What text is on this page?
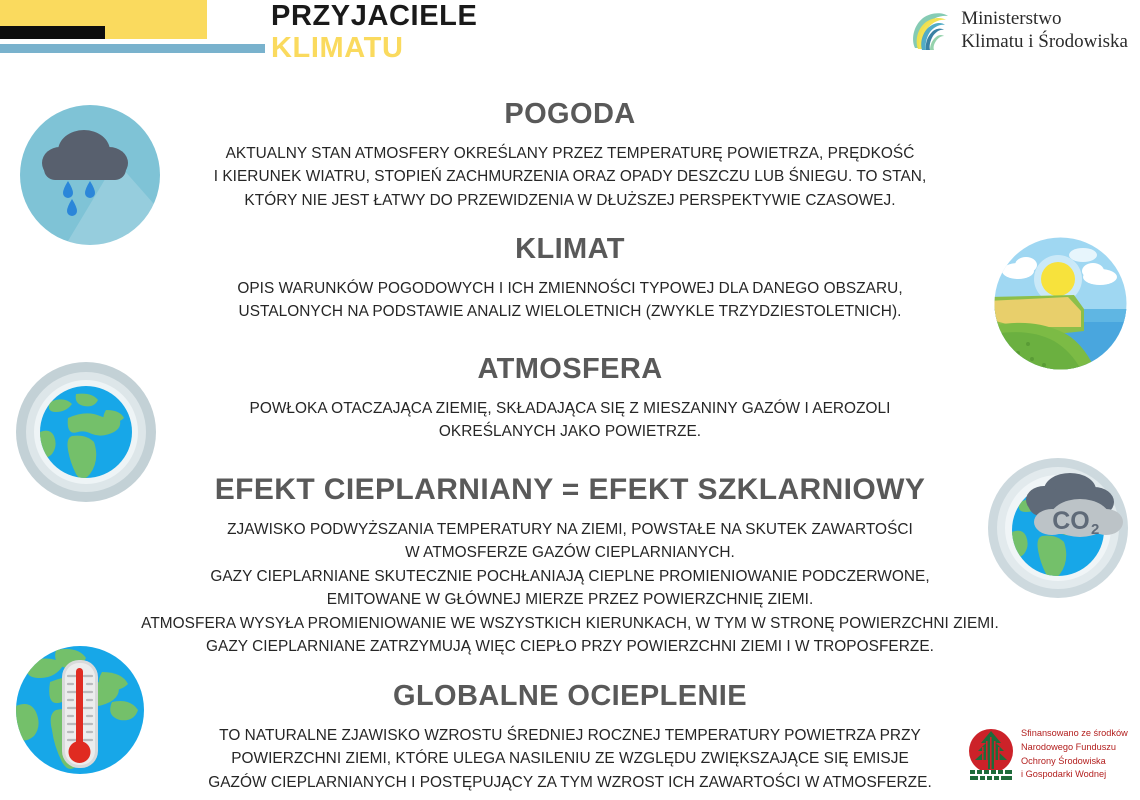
PRZYJACIELE
KLIMATU
Ministerstwo
Klimatu i Środowiska
CO 2
POGODA
AKTUALNY STAN ATMOSFERY OKREŚLANY PRZEZ TEMPERATURĘ POWIETRZA, PRĘDKOŚĆ
I KIERUNEK WIATRU, STOPIEŃ ZACHMURZENIA ORAZ OPADY DESZCZU LUB ŚNIEGU. TO STAN,
KTÓRY NIE JEST ŁATWY DO PRZEWIDZENIA W DŁUŻSZEJ PERSPEKTYWIE CZASOWEJ.
KLIMAT
OPIS WARUNKÓW POGODOWYCH I ICH ZMIENNOŚCI TYPOWEJ DLA DANEGO OBSZARU,
USTALONYCH NA PODSTAWIE ANALIZ WIELOLETNICH (ZWYKLE TRZYDZIESTOLETNICH).
ATMOSFERA
POWŁOKA OTACZAJĄCA ZIEMIĘ, SKŁADAJĄCA SIĘ Z MIESZANINY GAZÓW I AEROZOLI
OKREŚLANYCH JAKO POWIETRZE.
EFEKT CIEPLARNIANY = EFEKT SZKLARNIOWY
ZJAWISKO PODWYŻSZANIA TEMPERATURY NA ZIEMI, POWSTAŁE NA SKUTEK ZAWARTOŚCI
W ATMOSFERZE GAZÓW CIEPLARNIANYCH.
GAZY CIEPLARNIANE SKUTECZNIE POCHŁANIAJĄ CIEPLNE PROMIENIOWANIE PODCZERWONE,
EMITOWANE W GŁÓWNEJ MIERZE PRZEZ POWIERZCHNIĘ ZIEMI.
ATMOSFERA WYSYŁA PROMIENIOWANIE WE WSZYSTKICH KIERUNKACH, W TYM W STRONĘ POWIERZCHNI ZIEMI.
GAZY CIEPLARNIANE ZATRZYMUJĄ WIĘC CIEPŁO PRZY POWIERZCHNI ZIEMI I W TROPOSFERZE.
GLOBALNE OCIEPLENIE
TO NATURALNE ZJAWISKO WZROSTU ŚREDNIEJ ROCZNEJ TEMPERATURY POWIETRZA PRZY
POWIERZCHNI ZIEMI, KTÓRE ULEGA NASILENIU ZE WZGLĘDU ZWIĘKSZAJĄCE SIĘ EMISJE
GAZÓW CIEPLARNIANYCH I POSTĘPUJĄCY ZA TYM WZROST ICH ZAWARTOŚCI W ATMOSFERZE.
Sfinansowano ze środków
Narodowego Funduszu
Ochrony Środowiska
i Gospodarki Wodnej
